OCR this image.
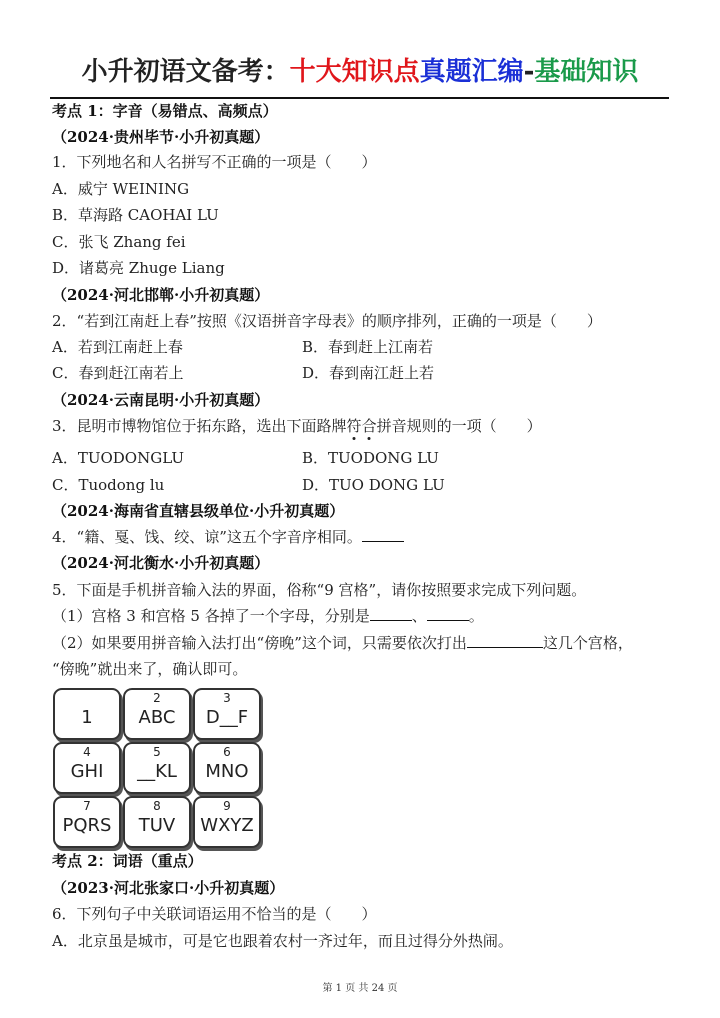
小升初语文备考：十大知识点真题汇编-基础知识
考点 1：字音（易错点、高频点）
（2024·贵州毕节·小升初真题）
1．下列地名和人名拼写不正确的一项是（　　）
A．威宁 WEINING
B．草海路 CAOHAI LU
C．张飞 Zhang fei
D．诸葛亮 Zhuge Liang
（2024·河北邯郸·小升初真题）
2．“若到江南赶上春”按照《汉语拼音字母表》的顺序排列，正确的一项是（　　）
A．若到江南赶上春	B．春到赶上江南若
C．春到赶江南若上	D．春到南江赶上若
（2024·云南昆明·小升初真题）
3．昆明市博物馆位于拓东路，选出下面路牌符合拼音规则的一项（　　）
A．TUODONGLU	B．TUODONG LU
C．Tuodong lu	D．TUO DONG LU
（2024·海南省直辖县级单位·小升初真题）
4．“籍、戛、饯、绞、谅”这五个字音序相同。
（2024·河北衡水·小升初真题）
5．下面是手机拼音输入法的界面，俗称“9 宫格”，请你按照要求完成下列问题。
（1）宫格 3 和宫格 5 各掉了一个字母，分别是	、	。
（2）如果要用拼音输入法打出“傍晚”这个词，只需要依次打出	这几个宫格，
“傍晚”就出来了，确认即可。
1
2
ABC
3
D__F
4
GHI
5
__KL
6
MNO
7
PQRS
8
TUV
9
WXYZ
考点 2：词语（重点）
（2023·河北张家口·小升初真题）
6．下列句子中关联词语运用不恰当的是（　　）
A．北京虽是城市，可是它也跟着农村一齐过年，而且过得分外热闹。
第 1 页 共 24 页
